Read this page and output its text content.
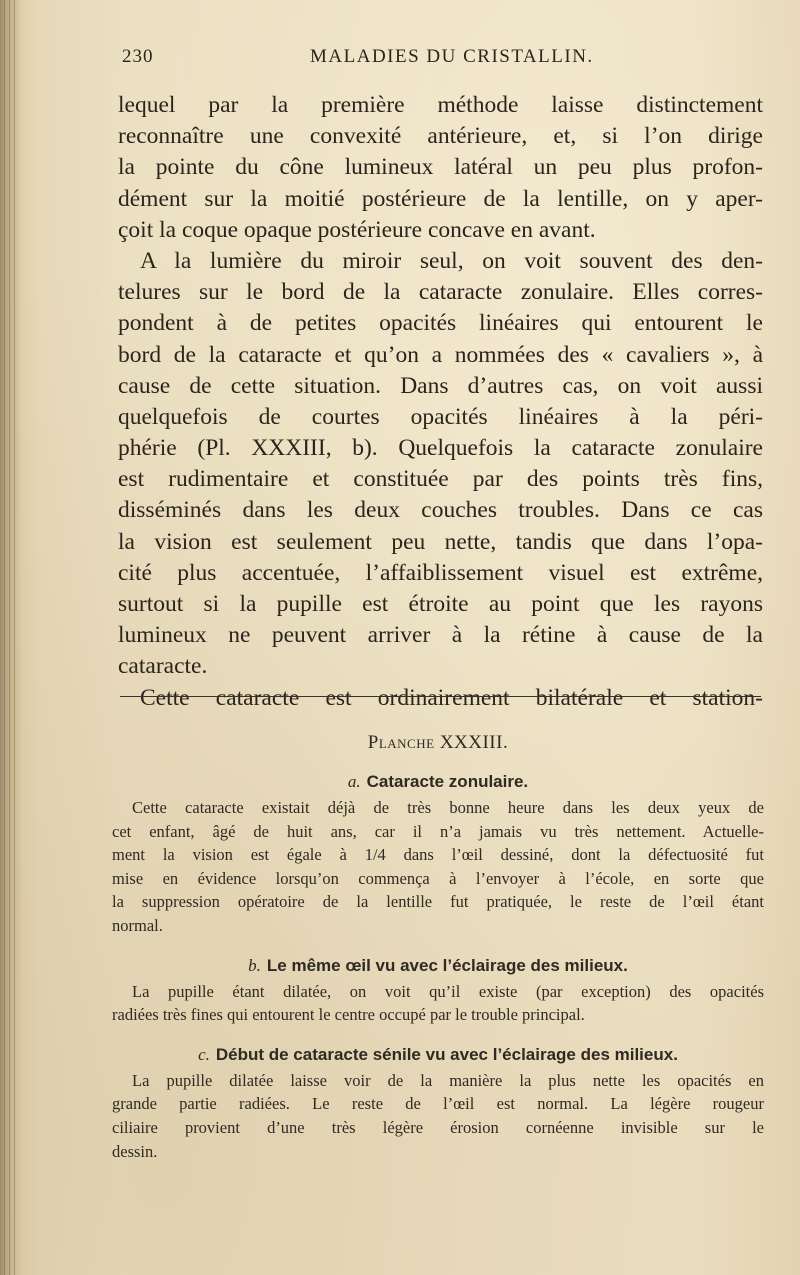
230	MALADIES DU CRISTALLIN.
lequel par la première méthode laisse distinctement
reconnaître une convexité antérieure, et, si l’on dirige
la pointe du cône lumineux latéral un peu plus profon-
dément sur la moitié postérieure de la lentille, on y aper-
çoit la coque opaque postérieure concave en avant.
A la lumière du miroir seul, on voit souvent des den-
telures sur le bord de la cataracte zonulaire. Elles corres-
pondent à de petites opacités linéaires qui entourent le
bord de la cataracte et qu’on a nommées des « cavaliers », à
cause de cette situation. Dans d’autres cas, on voit aussi
quelquefois de courtes opacités linéaires à la péri-
phérie (Pl. XXXIII, b). Quelquefois la cataracte zonulaire
est rudimentaire et constituée par des points très fins,
disséminés dans les deux couches troubles. Dans ce cas
la vision est seulement peu nette, tandis que dans l’opa-
cité plus accentuée, l’affaiblissement visuel est extrême,
surtout si la pupille est étroite au point que les rayons
lumineux ne peuvent arriver à la rétine à cause de la
cataracte.
Cette cataracte est ordinairement bilatérale et station-
Planche XXXIII.
a. Cataracte zonulaire.
Cette cataracte existait déjà de très bonne heure dans les deux yeux de
cet enfant, âgé de huit ans, car il n’a jamais vu très nettement. Actuelle-
ment la vision est égale à 1/4 dans l’œil dessiné, dont la défectuosité fut
mise en évidence lorsqu’on commença à l’envoyer à l’école, en sorte que
la suppression opératoire de la lentille fut pratiquée, le reste de l’œil étant
normal.
b. Le même œil vu avec l’éclairage des milieux.
La pupille étant dilatée, on voit qu’il existe (par exception) des opacités
radiées très fines qui entourent le centre occupé par le trouble principal.
c. Début de cataracte sénile vu avec l’éclairage des milieux.
La pupille dilatée laisse voir de la manière la plus nette les opacités en
grande partie radiées. Le reste de l’œil est normal. La légère rougeur
ciliaire provient d’une très légère érosion cornéenne invisible sur le
dessin.
